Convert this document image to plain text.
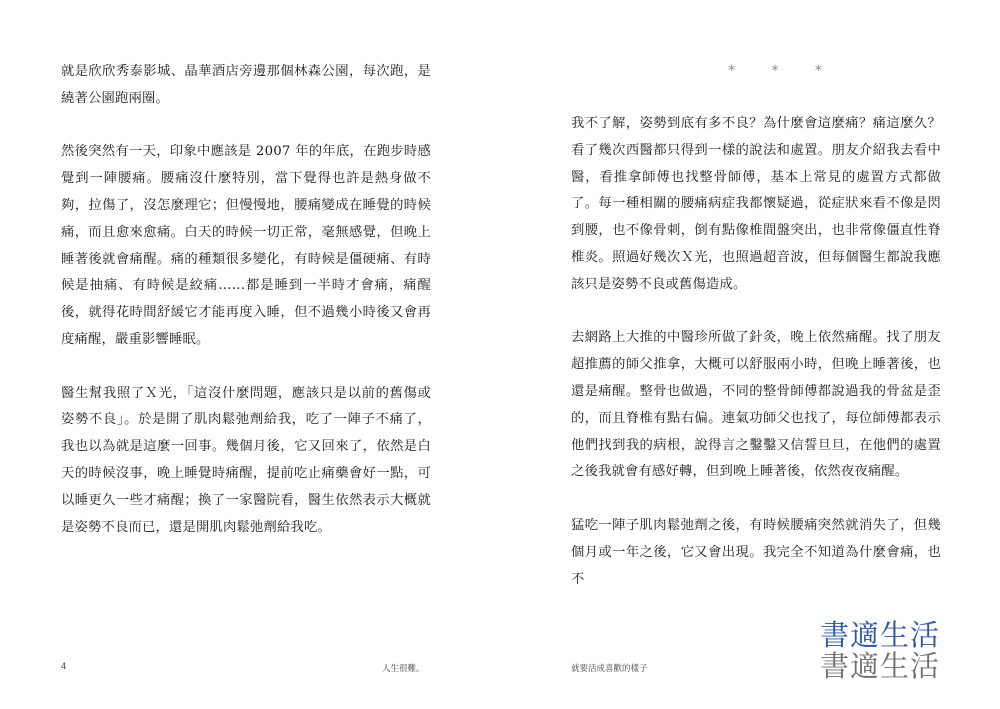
就是欣欣秀泰影城、晶華酒店旁邊那個林森公園，每次跑，是繞著公園跑兩圈。

然後突然有一天，印象中應該是 2007 年的年底，在跑步時感覺到一陣腰痛。腰痛沒什麼特別，當下覺得也許是熱身做不夠，拉傷了，沒怎麼理它；但慢慢地，腰痛變成在睡覺的時候痛，而且愈來愈痛。白天的時候一切正常，毫無感覺，但晚上睡著後就會痛醒。痛的種類很多變化，有時候是僵硬痛、有時候是抽痛、有時候是絞痛……都是睡到一半時才會痛，痛醒後，就得花時間舒緩它才能再度入睡，但不過幾小時後又會再度痛醒，嚴重影響睡眠。

醫生幫我照了Ｘ光，「這沒什麼問題，應該只是以前的舊傷或姿勢不良」。於是開了肌肉鬆弛劑給我，吃了一陣子不痛了，我也以為就是這麼一回事。幾個月後，它又回來了，依然是白天的時候沒事，晚上睡覺時痛醒，提前吃止痛藥會好一點，可以睡更久一些才痛醒；換了一家醫院看，醫生依然表示大概就是姿勢不良而已，還是開肌肉鬆弛劑給我吃。

4	人生很難。
* * *

我不了解，姿勢到底有多不良？為什麼會這麼痛？痛這麼久？看了幾次西醫都只得到一樣的說法和處置。朋友介紹我去看中醫，看推拿師傅也找整骨師傅，基本上常見的處置方式都做了。每一種相關的腰痛病症我都懷疑過，從症狀來看不像是閃到腰，也不像骨刺，倒有點像椎間盤突出，也非常像僵直性脊椎炎。照過好幾次Ｘ光，也照過超音波，但每個醫生都說我應該只是姿勢不良或舊傷造成。

去網路上大推的中醫珍所做了針灸，晚上依然痛醒。找了朋友超推薦的師父推拿，大概可以舒服兩小時，但晚上睡著後，也還是痛醒。整骨也做過，不同的整骨師傅都說過我的骨盆是歪的，而且脊椎有點右偏。連氣功師父也找了，每位師傅都表示他們找到我的病根，說得言之鑿鑿又信誓旦旦，在他們的處置之後我就會有感好轉，但到晚上睡著後，依然夜夜痛醒。

猛吃一陣子肌肉鬆弛劑之後，有時候腰痛突然就消失了，但幾個月或一年之後，它又會出現。我完全不知道為什麼會痛，也不

就要活成喜歡的樣子
書適生活
書適生活
